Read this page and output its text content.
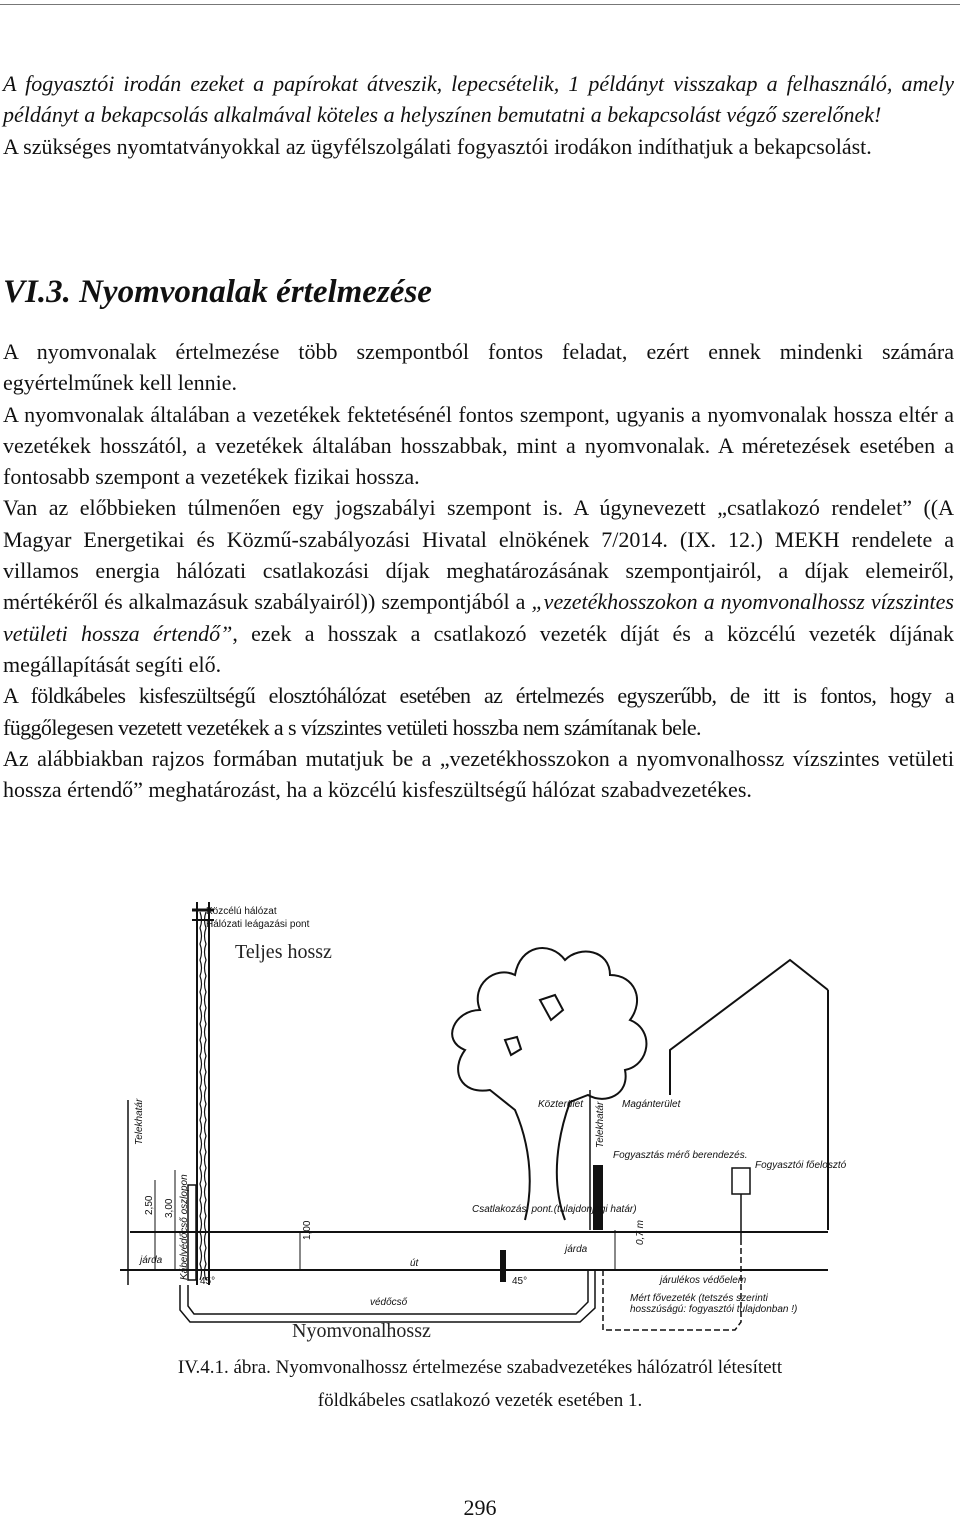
A fogyasztói irodán ezeket a papírokat átveszik, lepecsételik, 1 példányt visszakap a felhasználó, amely példányt a bekapcsolás alkalmával köteles a helyszínen bemutatni a bekapcsolást végző szerelőnek!

A szükséges nyomtatványokkal az ügyfélszolgálati fogyasztói irodákon indíthatjuk a bekapcsolást.

VI.3. Nyomvonalak értelmezése

A nyomvonalak értelmezése több szempontból fontos feladat, ezért ennek mindenki számára egyértelműnek kell lennie.

A nyomvonalak általában a vezetékek fektetésénél fontos szempont, ugyanis a nyomvonalak hossza eltér a vezetékek hosszától, a vezetékek általában hosszabbak, mint a nyomvonalak. A méretezések esetében a fontosabb szempont a vezetékek fizikai hossza.

Van az előbbieken túlmenően egy jogszabályi szempont is. A úgynevezett „csatlakozó rendelet” ((A Magyar Energetikai és Közmű-szabályozási Hivatal elnökének 7/2014. (IX. 12.) MEKH rendelete a villamos energia hálózati csatlakozási díjak meghatározásának szempontjairól, a díjak elemeiről, mértékéről és alkalmazásuk szabályairól)) szempontjából a „vezetékhosszokon a nyomvonalhossz vízszintes vetületi hossza értendő”, ezek a hosszak a csatlakozó vezeték díját és a közcélú vezeték díjának megállapítását segíti elő.

A földkábeles kisfeszültségű elosztóhálózat esetében az értelmezés egyszerűbb, de itt is fontos, hogy a függőlegesen vezetett vezetékek a s vízszintes vetületi hosszba nem számítanak bele.

Az alábbiakban rajzos formában mutatjuk be a „vezetékhosszokon a nyomvonalhossz vízszintes vetületi hossza értendő” meghatározást, ha a közcélú kisfeszültségű hálózat szabadvezetékes.

Közcélú hálózat
Hálózati leágazási pont
Teljes hossz
Közterület	Magánterület
Telekhatár	Telekhatár
2,50 3,00 Kábelvédőcső oszlopon
Fogyasztás mérő berendezés.
Fogyasztói főelosztó
Csatlakozási pont.(tulajdonjogi határ)
1,00	0,7 m
járda
járda
út
45°	45°
védőcső
járulékos védőelem
Mért fővezeték (tetszés szerinti hosszúságú: fogyasztói tulajdonban !)
Nyomvonalhossz
IV.4.1. ábra. Nyomvonalhossz értelmezése szabadvezetékes hálózatról létesített
földkábeles csatlakozó vezeték esetében 1.
296
